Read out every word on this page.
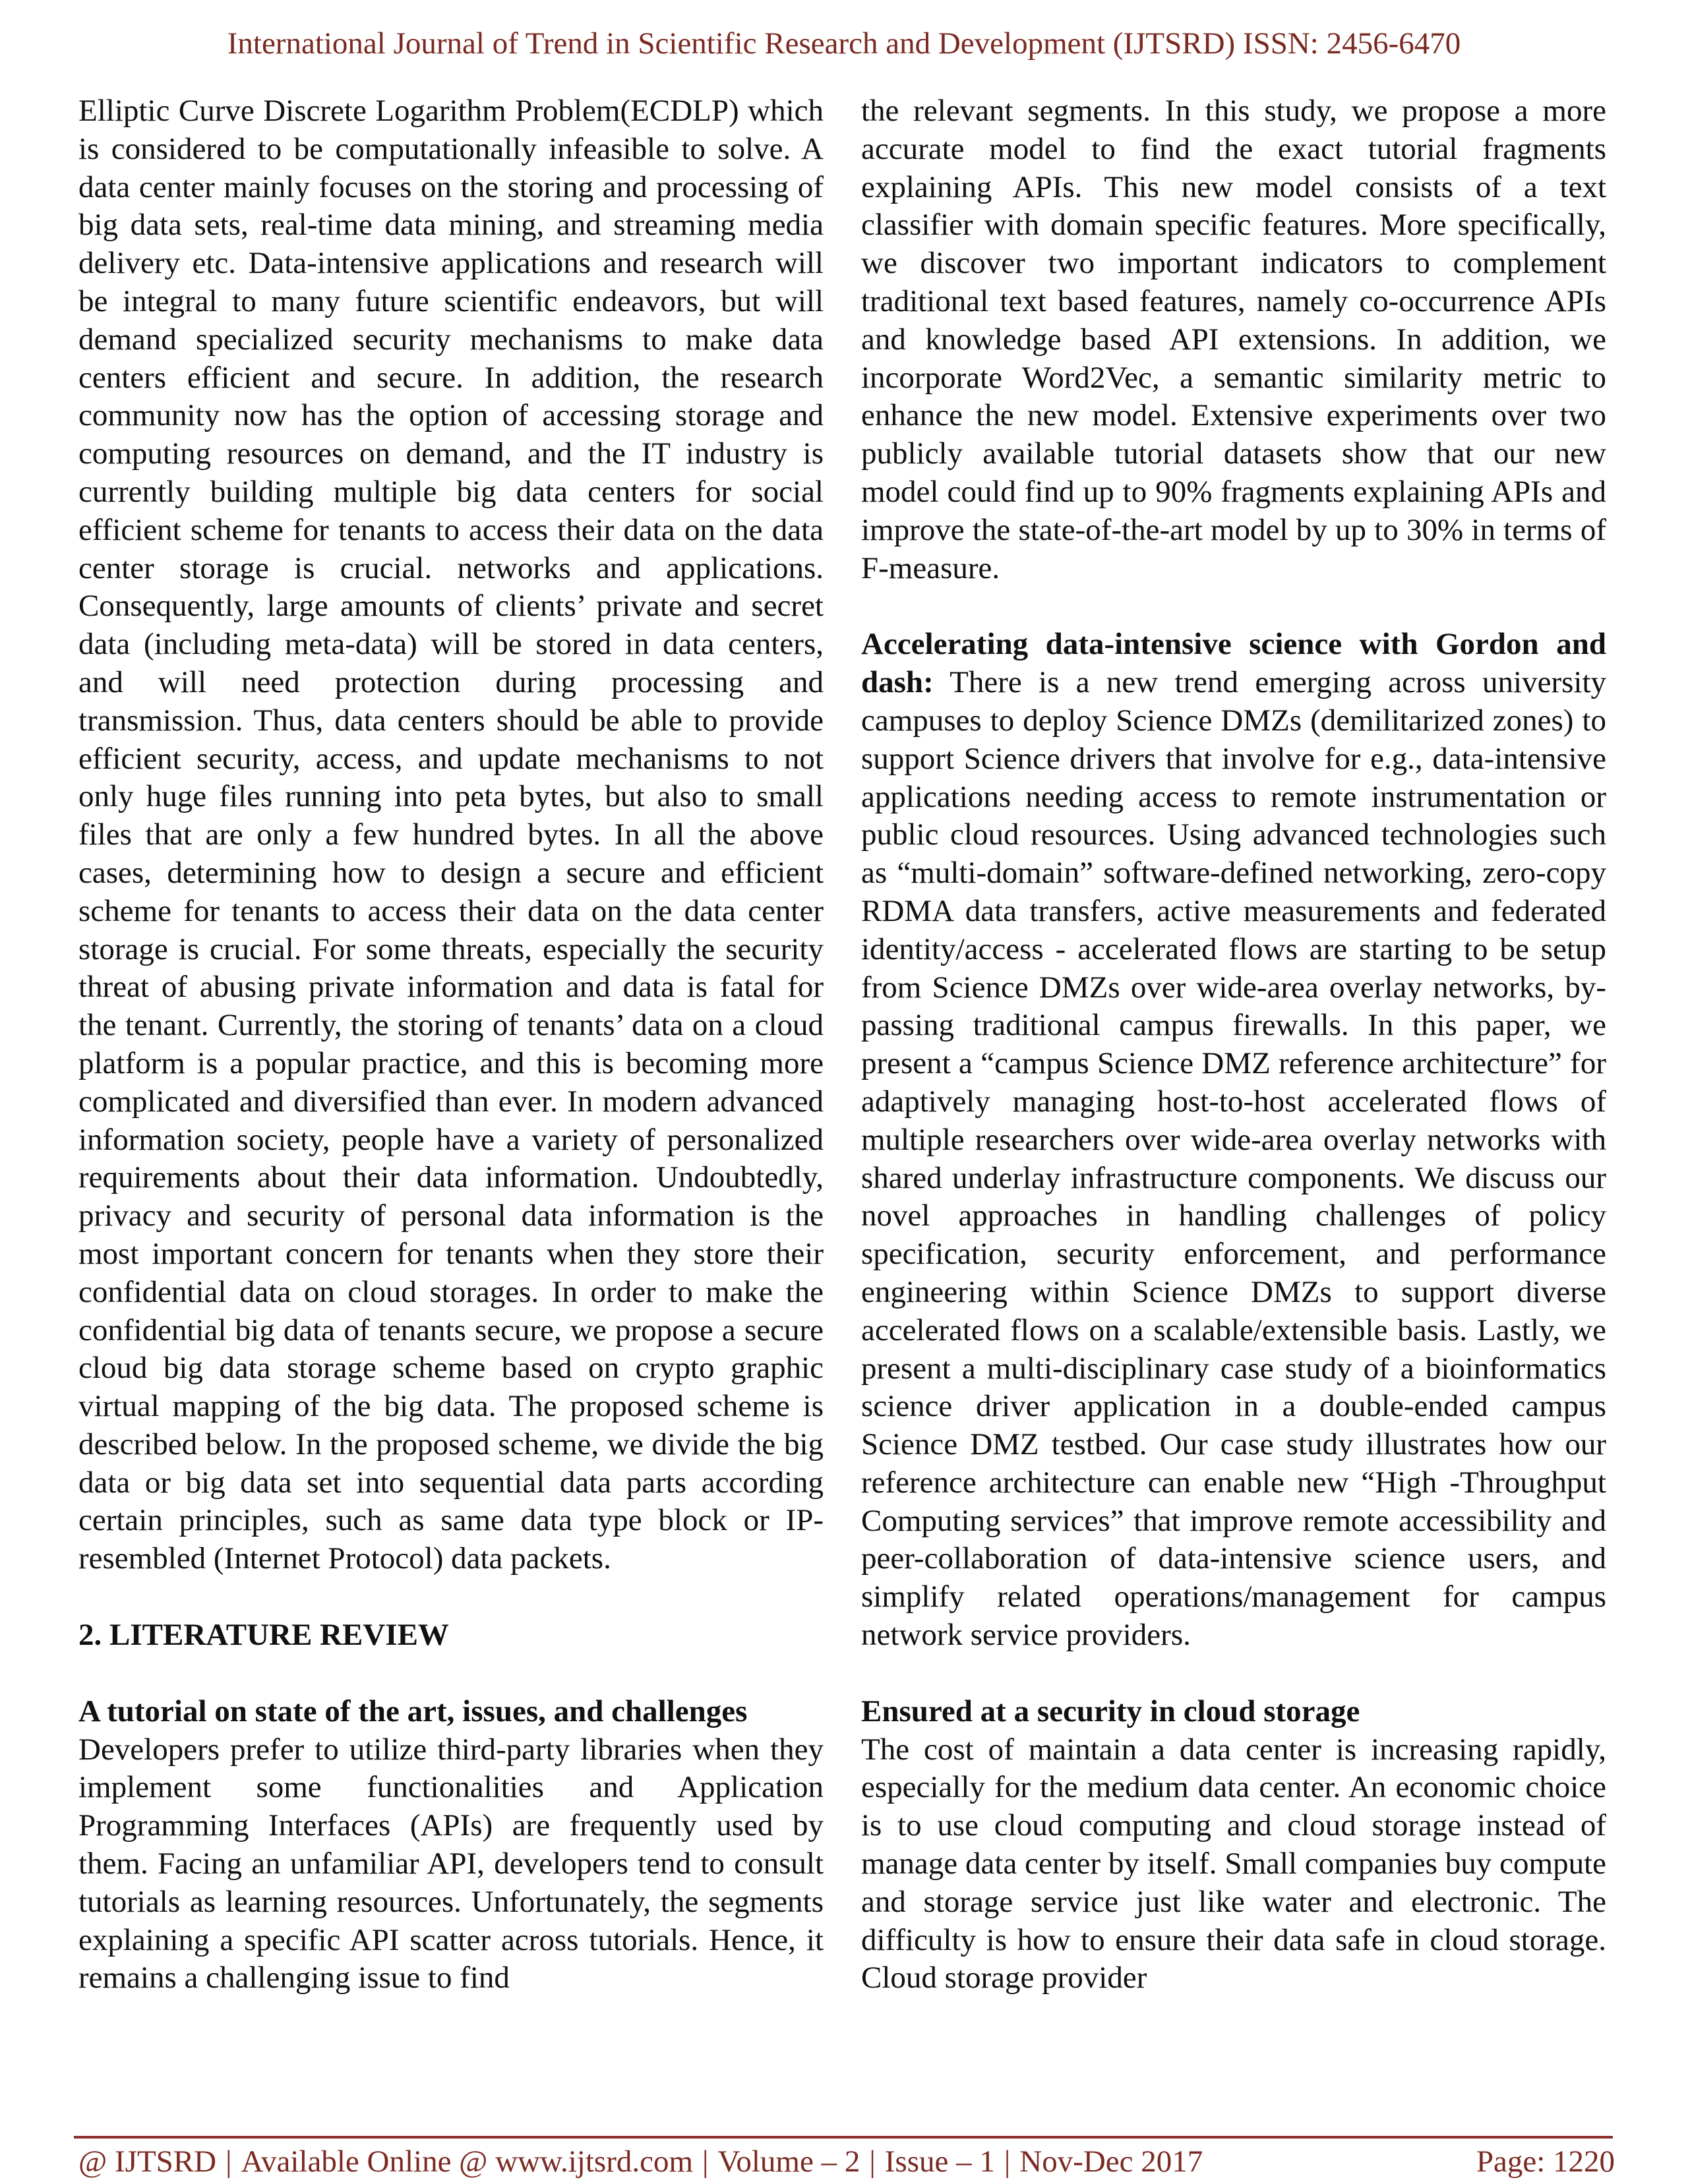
International Journal of Trend in Scientific Research and Development (IJTSRD) ISSN: 2456-6470

Elliptic Curve Discrete Logarithm Problem(ECDLP) which is considered to be computationally infeasible to solve. A data center mainly focuses on the storing and processing of big data sets, real-time data mining, and streaming media delivery etc. Data-intensive applications and research will be integral to many future scientific endeavors, but will demand specialized security mechanisms to make data centers efficient and secure. In addition, the research community now has the option of accessing storage and computing resources on demand, and the IT industry is currently building multiple big data centers for social efficient scheme for tenants to access their data on the data center storage is crucial. networks and applications. Consequently, large amounts of clients’ private and secret data (including meta-data) will be stored in data centers, and will need protection during processing and transmission. Thus, data centers should be able to provide efficient security, access, and update mechanisms to not only huge files running into peta bytes, but also to small files that are only a few hundred bytes. In all the above cases, determining how to design a secure and efficient scheme for tenants to access their data on the data center storage is crucial. For some threats, especially the security threat of abusing private information and data is fatal for the tenant. Currently, the storing of tenants’ data on a cloud platform is a popular practice, and this is becoming more complicated and diversified than ever. In modern advanced information society, people have a variety of personalized requirements about their data information. Undoubtedly, privacy and security of personal data information is the most important concern for tenants when they store their confidential data on cloud storages. In order to make the confidential big data of tenants secure, we propose a secure cloud big data storage scheme based on crypto graphic virtual mapping of the big data. The proposed scheme is described below. In the proposed scheme, we divide the big data or big data set into sequential data parts according certain principles, such as same data type block or IP-resembled (Internet Protocol) data packets.

2. LITERATURE REVIEW

A tutorial on state of the art, issues, and challenges

Developers prefer to utilize third-party libraries when they implement some functionalities and Application Programming Interfaces (APIs) are frequently used by them. Facing an unfamiliar API, developers tend to consult tutorials as learning resources. Unfortunately, the segments explaining a specific API scatter across tutorials. Hence, it remains a challenging issue to find

the relevant segments. In this study, we propose a more accurate model to find the exact tutorial fragments explaining APIs. This new model consists of a text classifier with domain specific features. More specifically, we discover two important indicators to complement traditional text based features, namely co-occurrence APIs and knowledge based API extensions. In addition, we incorporate Word2Vec, a semantic similarity metric to enhance the new model. Extensive experiments over two publicly available tutorial datasets show that our new model could find up to 90% fragments explaining APIs and improve the state-of-the-art model by up to 30% in terms of F-measure.

Accelerating data-intensive science with Gordon and dash: There is a new trend emerging across university campuses to deploy Science DMZs (demilitarized zones) to support Science drivers that involve for e.g., data-intensive applications needing access to remote instrumentation or public cloud resources. Using advanced technologies such as “multi-domain” software-defined networking, zero-copy RDMA data transfers, active measurements and federated identity/access - accelerated flows are starting to be setup from Science DMZs over wide-area overlay networks, by-passing traditional campus firewalls. In this paper, we present a “campus Science DMZ reference architecture” for adaptively managing host-to-host accelerated flows of multiple researchers over wide-area overlay networks with shared underlay infrastructure components. We discuss our novel approaches in handling challenges of policy specification, security enforcement, and performance engineering within Science DMZs to support diverse accelerated flows on a scalable/extensible basis. Lastly, we present a multi-disciplinary case study of a bioinformatics science driver application in a double-ended campus Science DMZ testbed. Our case study illustrates how our reference architecture can enable new “High -Throughput Computing services” that improve remote accessibility and peer-collaboration of data-intensive science users, and simplify related operations/management for campus network service providers.

Ensured at a security in cloud storage

The cost of maintain a data center is increasing rapidly, especially for the medium data center. An economic choice is to use cloud computing and cloud storage instead of manage data center by itself. Small companies buy compute and storage service just like water and electronic. The difficulty is how to ensure their data safe in cloud storage. Cloud storage provider

@ IJTSRD | Available Online @ www.ijtsrd.com | Volume – 2 | Issue – 1 | Nov-Dec 2017	Page: 1220
